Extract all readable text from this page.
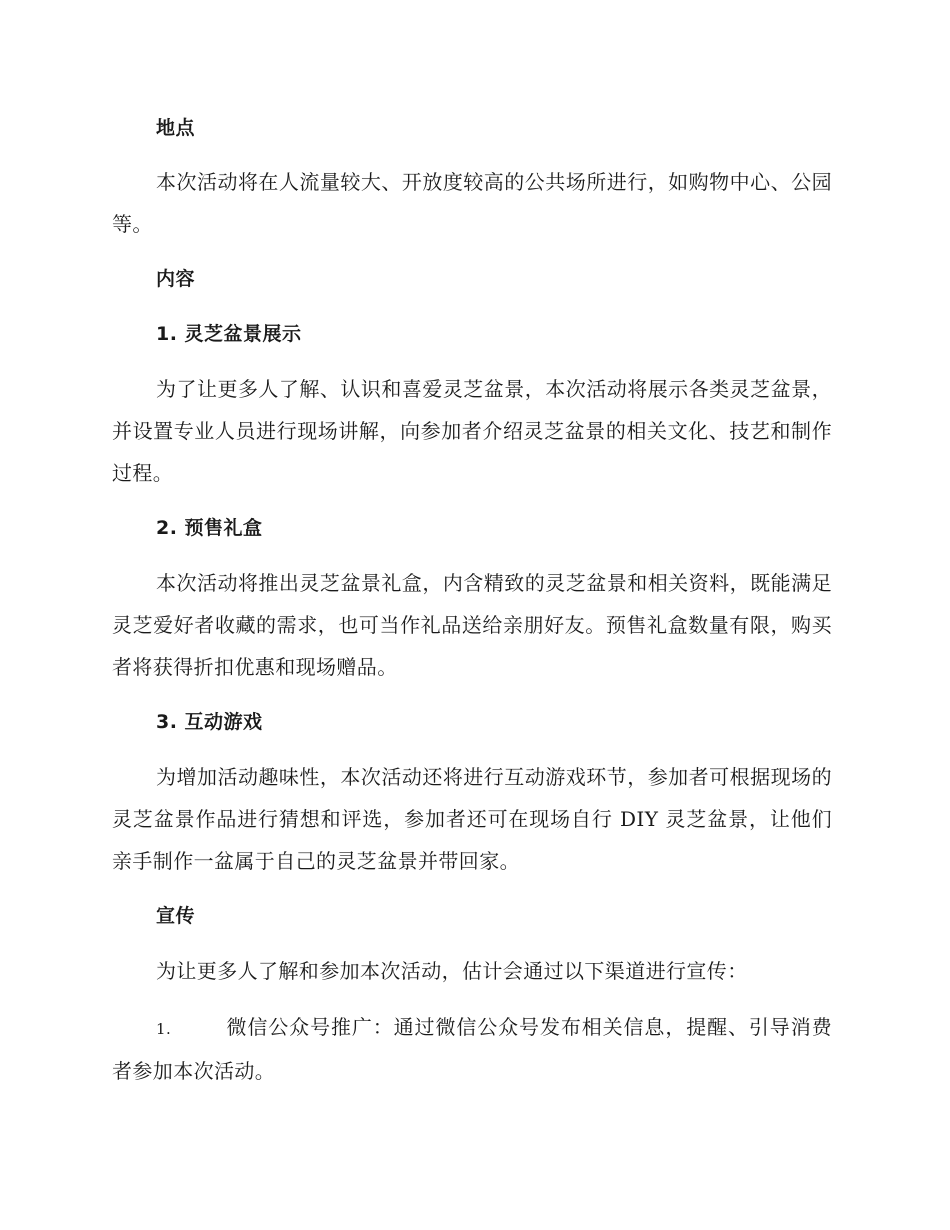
地点
本次活动将在人流量较大、开放度较高的公共场所进行，如购物中心、公园等。
内容
1. 灵芝盆景展示
为了让更多人了解、认识和喜爱灵芝盆景，本次活动将展示各类灵芝盆景，并设置专业人员进行现场讲解，向参加者介绍灵芝盆景的相关文化、技艺和制作过程。
2. 预售礼盒
本次活动将推出灵芝盆景礼盒，内含精致的灵芝盆景和相关资料，既能满足灵芝爱好者收藏的需求，也可当作礼品送给亲朋好友。预售礼盒数量有限，购买者将获得折扣优惠和现场赠品。
3. 互动游戏
为增加活动趣味性，本次活动还将进行互动游戏环节，参加者可根据现场的灵芝盆景作品进行猜想和评选，参加者还可在现场自行 DIY 灵芝盆景，让他们亲手制作一盆属于自己的灵芝盆景并带回家。
宣传
为让更多人了解和参加本次活动，估计会通过以下渠道进行宣传：
1.	微信公众号推广：通过微信公众号发布相关信息，提醒、引导消费者参加本次活动。
